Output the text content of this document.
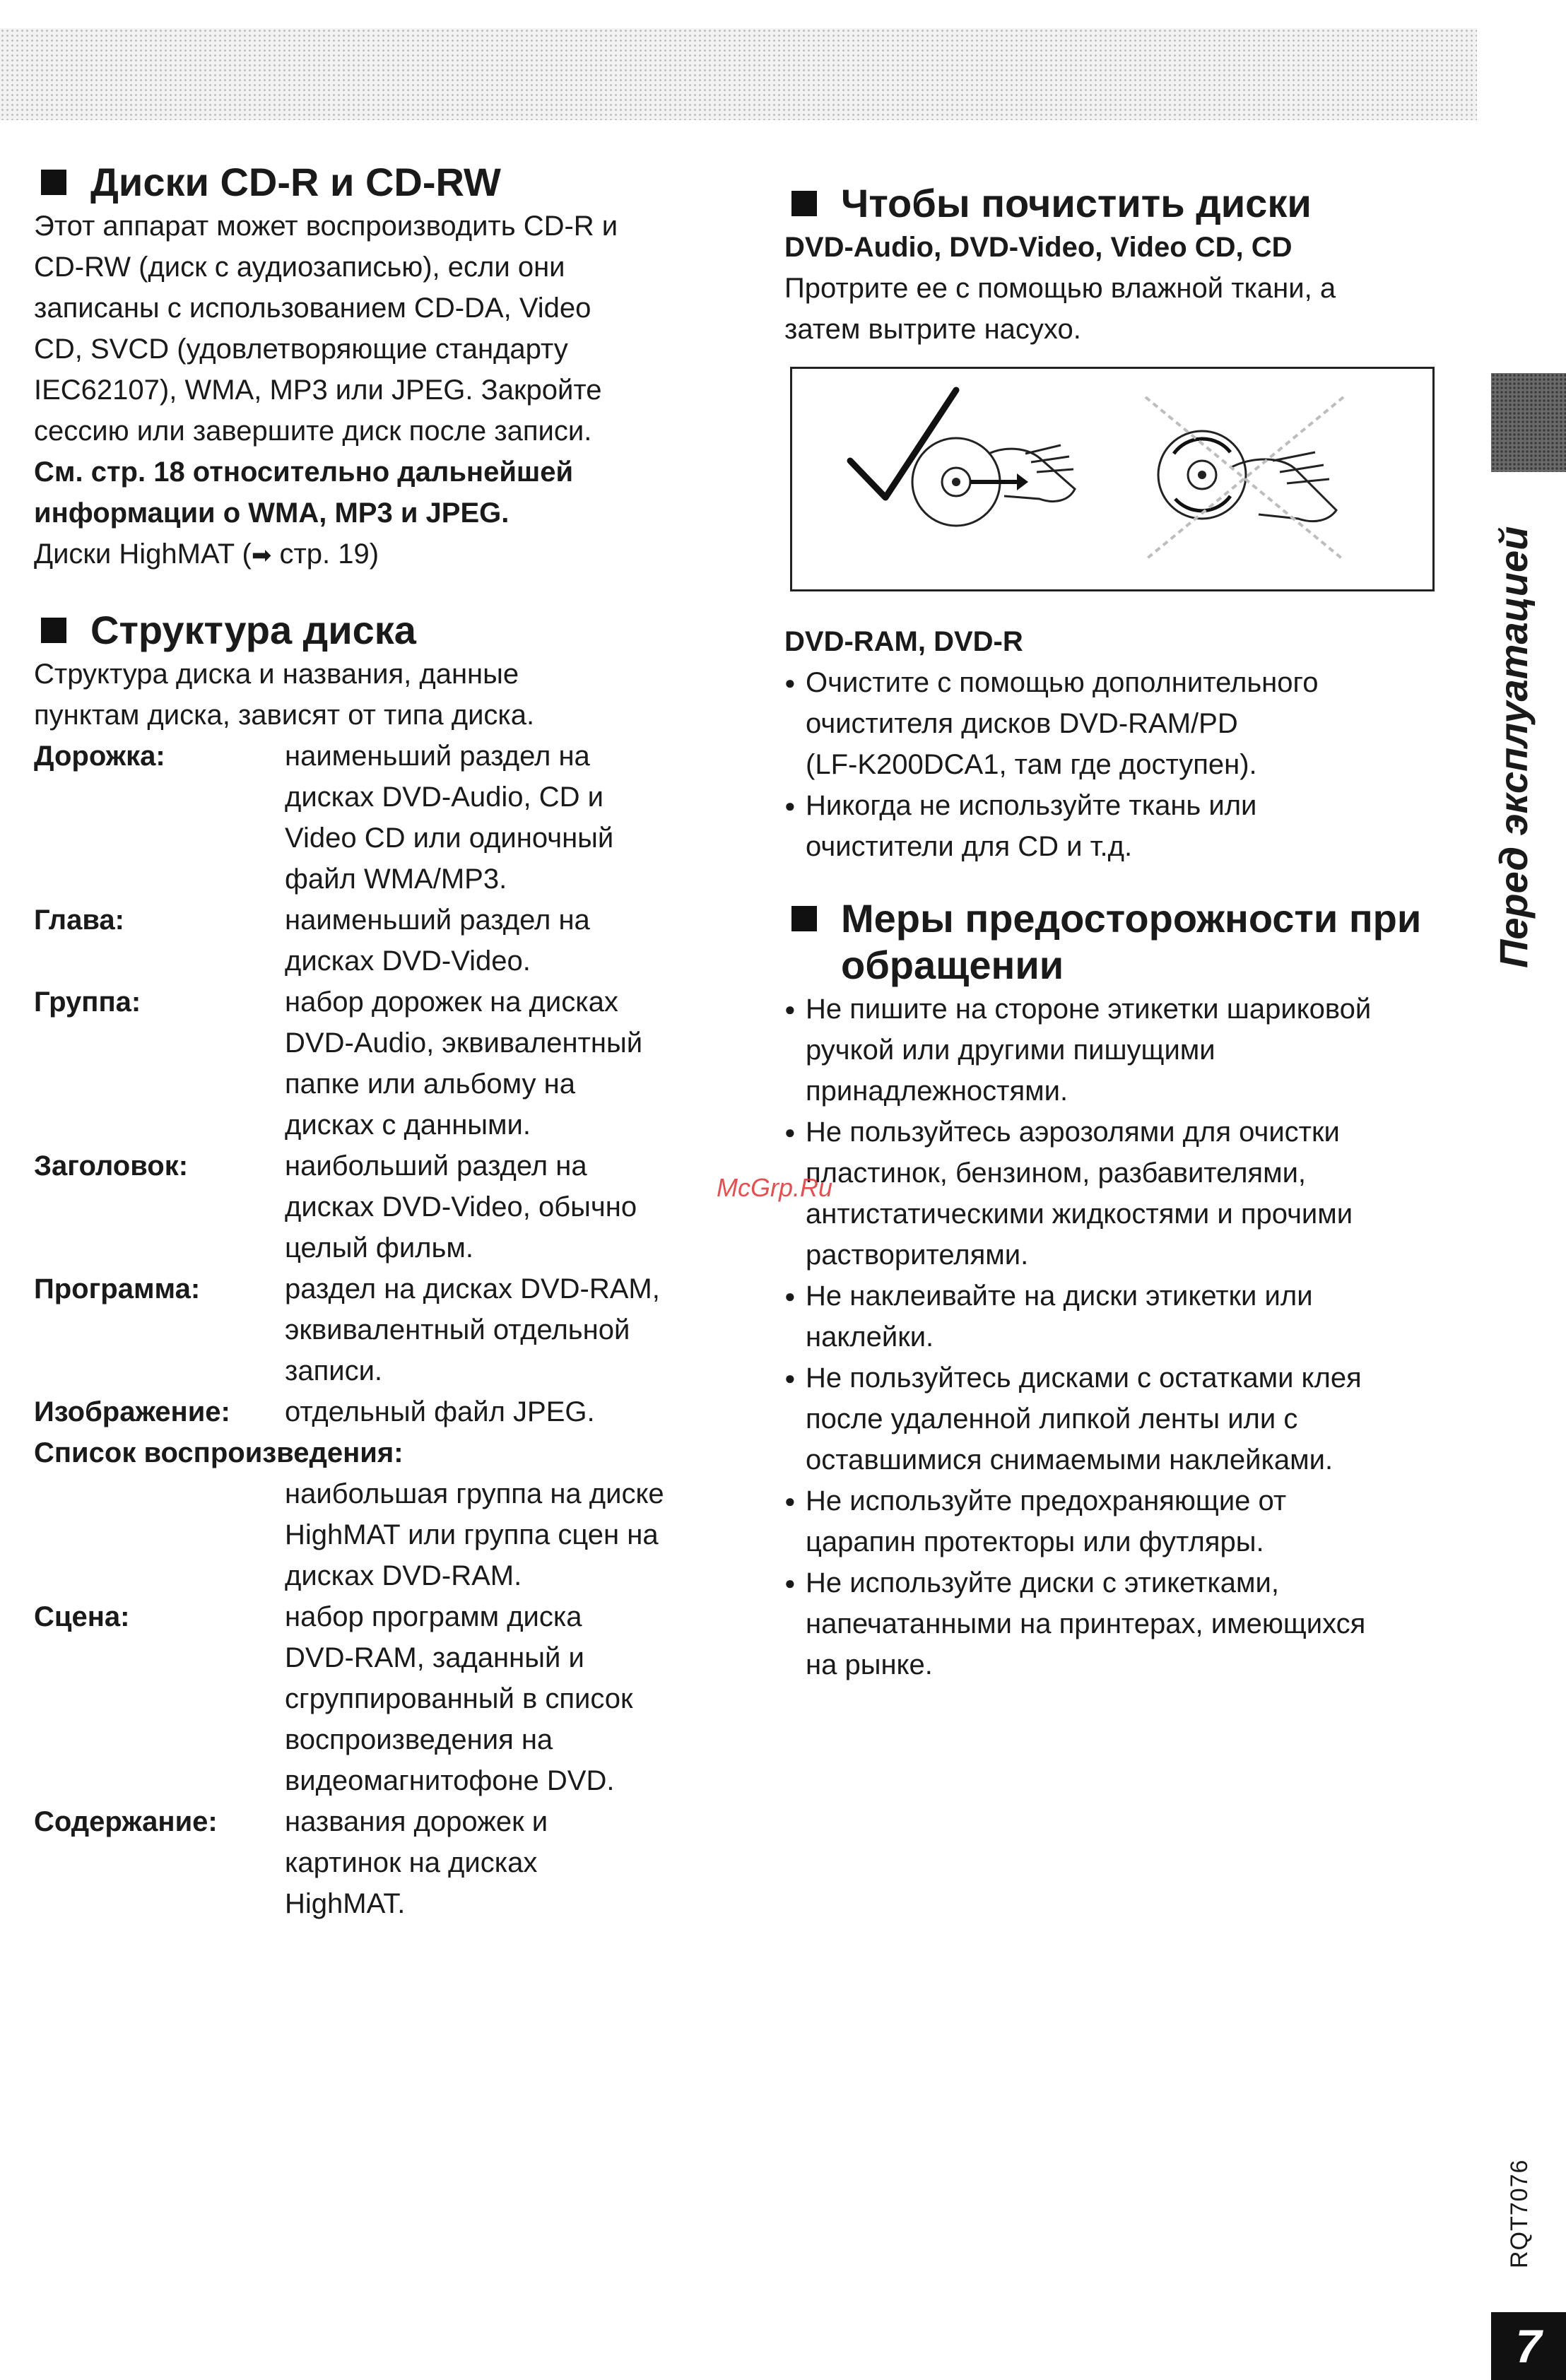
Диски CD-R и CD-RW
Этот аппарат может воспроизводить CD-R и
CD-RW (диск с аудиозаписью), если они
записаны с использованием CD-DA, Video
CD, SVCD (удовлетворяющие стандарту
IEC62107), WMA, MP3 или JPEG. Закройте
сессию или завершите диск после записи.
См. стр. 18 относительно дальнейшей
информации о WMA, MP3 и JPEG.
Диски HighMAT (➡ стр. 19)
Структура диска
Структура диска и названия, данные
пунктам диска, зависят от типа диска.
Дорожка:	наименьший раздел на
дисках DVD-Audio, CD и
Video CD или одиночный
файл WMA/MP3.
Глава:	наименьший раздел на
дисках DVD-Video.
Группа:	набор дорожек на дисках
DVD-Audio, эквивалентный
папке или альбому на
дисках с данными.
Заголовок:	наибольший раздел на
дисках DVD-Video, обычно
целый фильм.
Программа:	раздел на дисках DVD-RAM,
эквивалентный отдельной
записи.
Изображение:	отдельный файл JPEG.
Список воспроизведения:
наибольшая группа на диске
HighMAT или группа сцен на
дисках DVD-RAM.
Сцена:	набор программ диска
DVD-RAM, заданный и
сгруппированный в список
воспроизведения на
видеомагнитофоне DVD.
Содержание:	названия дорожек и
картинок на дисках
HighMAT.
Чтобы почистить диски
DVD-Audio, DVD-Video, Video CD, CD
Протрите ее с помощью влажной ткани, а
затем вытрите насухо.
DVD-RAM, DVD-R
● Очистите с помощью дополнительного
очистителя дисков DVD-RAM/PD
(LF-K200DCA1, там где доступен).
● Никогда не используйте ткань или
очистители для CD и т.д.
Меры предосторожности при
обращении
● Не пишите на стороне этикетки шариковой
ручкой или другими пишущими
принадлежностями.
● Не пользуйтесь аэрозолями для очистки
пластинок, бензином, разбавителями,
антистатическими жидкостями и прочими
растворителями.
● Не наклеивайте на диски этикетки или
наклейки.
● Не пользуйтесь дисками с остатками клея
после удаленной липкой ленты или с
оставшимися снимаемыми наклейками.
● Не используйте предохраняющие от
царапин протекторы или футляры.
● Не используйте диски с этикетками,
напечатанными на принтерах, имеющихся
на рынке.
Перед эксплуатацией
RQT7076
7
McGrp.Ru
